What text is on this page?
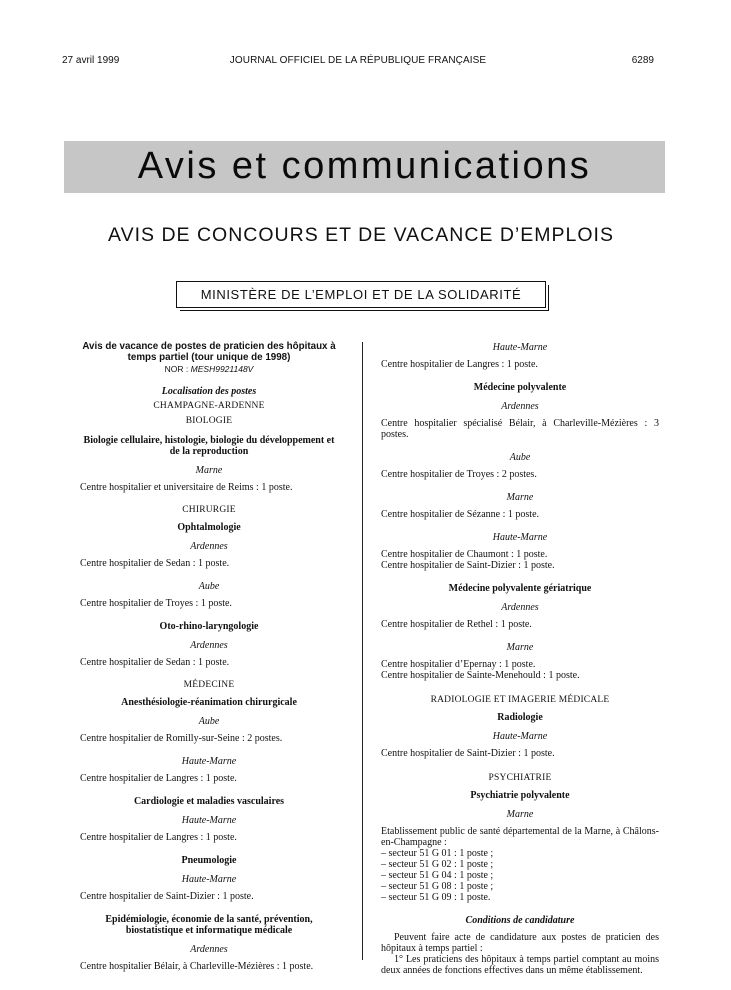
27 avril 1999	JOURNAL OFFICIEL DE LA RÉPUBLIQUE FRANÇAISE	6289
Avis et communications
AVIS DE CONCOURS ET DE VACANCE D’EMPLOIS
MINISTÈRE DE L’EMPLOI ET DE LA SOLIDARITÉ
Avis de vacance de postes de praticien des hôpitaux à temps partiel (tour unique de 1998)
NOR : MESH9921148V
Localisation des postes
CHAMPAGNE-ARDENNE
BIOLOGIE
Biologie cellulaire, histologie, biologie du développement et de la reproduction
Marne
Centre hospitalier et universitaire de Reims : 1 poste.
CHIRURGIE
Ophtalmologie
Ardennes
Centre hospitalier de Sedan : 1 poste.
Aube
Centre hospitalier de Troyes : 1 poste.
Oto-rhino-laryngologie
Ardennes
Centre hospitalier de Sedan : 1 poste.
MÉDECINE
Anesthésiologie-réanimation chirurgicale
Aube
Centre hospitalier de Romilly-sur-Seine : 2 postes.
Haute-Marne
Centre hospitalier de Langres : 1 poste.
Cardiologie et maladies vasculaires
Haute-Marne
Centre hospitalier de Langres : 1 poste.
Pneumologie
Haute-Marne
Centre hospitalier de Saint-Dizier : 1 poste.
Epidémiologie, économie de la santé, prévention, biostatistique et informatique médicale
Ardennes
Centre hospitalier Bélair, à Charleville-Mézières : 1 poste.
Haute-Marne
Centre hospitalier de Langres : 1 poste.
Médecine polyvalente
Ardennes
Centre hospitalier spécialisé Bélair, à Charleville-Mézières : 3 postes.
Aube
Centre hospitalier de Troyes : 2 postes.
Marne
Centre hospitalier de Sézanne : 1 poste.
Haute-Marne
Centre hospitalier de Chaumont : 1 poste.
Centre hospitalier de Saint-Dizier : 1 poste.
Médecine polyvalente gériatrique
Ardennes
Centre hospitalier de Rethel : 1 poste.
Marne
Centre hospitalier d’Epernay : 1 poste.
Centre hospitalier de Sainte-Menehould : 1 poste.
RADIOLOGIE ET IMAGERIE MÉDICALE
Radiologie
Haute-Marne
Centre hospitalier de Saint-Dizier : 1 poste.
PSYCHIATRIE
Psychiatrie polyvalente
Marne
Etablissement public de santé départemental de la Marne, à Châlons-en-Champagne :
– secteur 51 G 01 : 1 poste ;
– secteur 51 G 02 : 1 poste ;
– secteur 51 G 04 : 1 poste ;
– secteur 51 G 08 : 1 poste ;
– secteur 51 G 09 : 1 poste.
Conditions de candidature
Peuvent faire acte de candidature aux postes de praticien des hôpitaux à temps partiel :
1° Les praticiens des hôpitaux à temps partiel comptant au moins deux années de fonctions effectives dans un même établissement.
